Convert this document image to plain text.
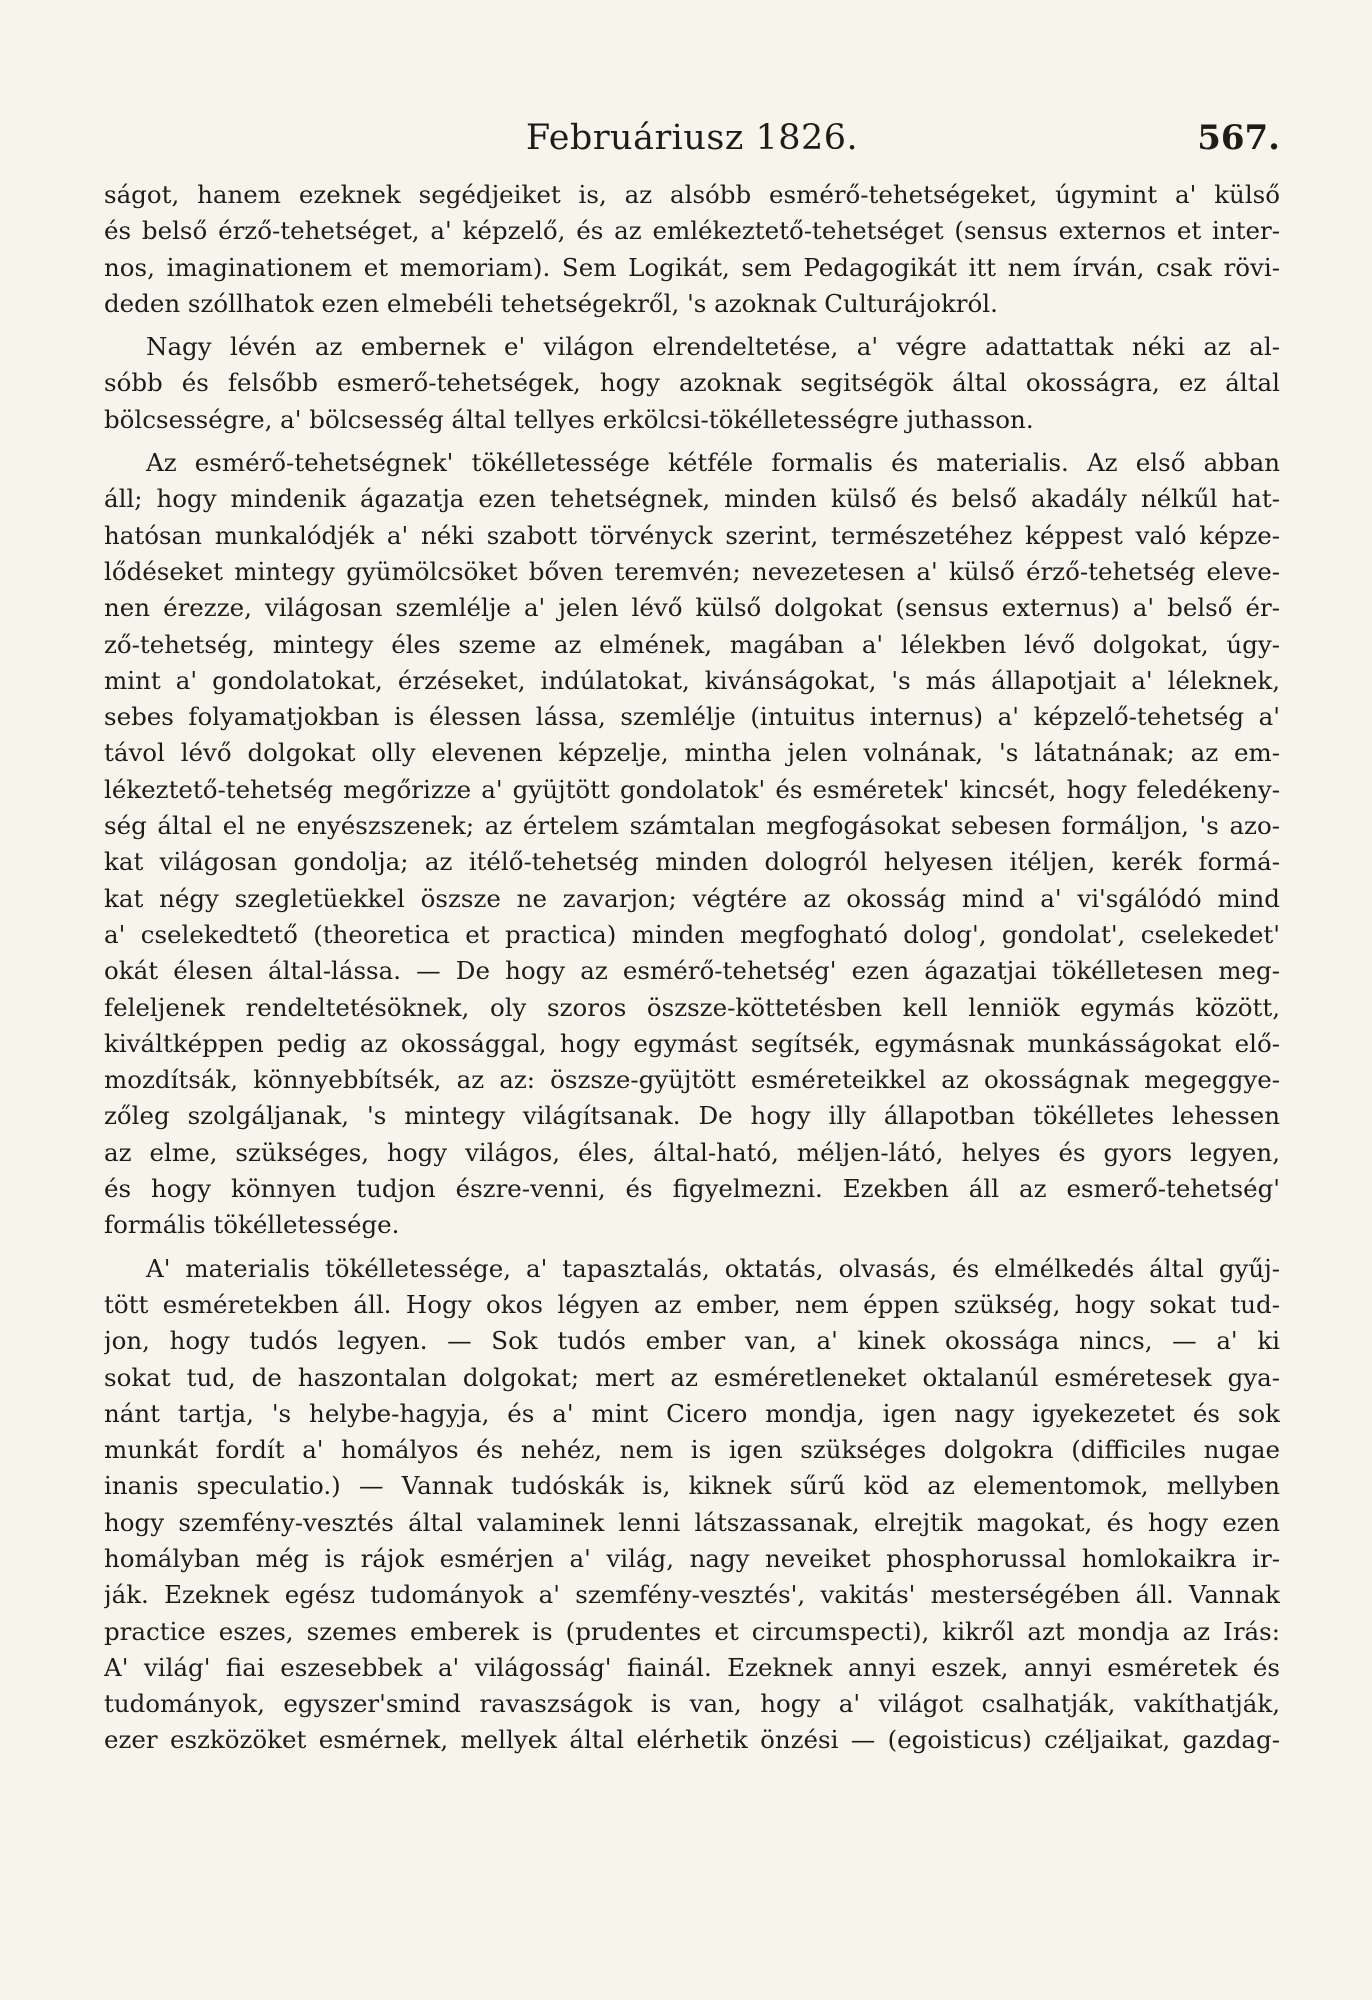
Februáriusz 1826.	567.
ságot, hanem ezeknek segédjeiket is, az alsóbb esmérő-tehetségeket, úgymint a' külső
és belső érző-tehetséget, a' képzelő, és az emlékeztető-tehetséget (sensus externos et inter-
nos, imaginationem et memoriam). Sem Logikát, sem Pedagogikát itt nem írván, csak rövi-
deden szóllhatok ezen elmebéli tehetségekről, 's azoknak Culturájokról.
Nagy lévén az embernek e' világon elrendeltetése, a' végre adattattak néki az al-
sóbb és felsőbb esmerő-tehetségek, hogy azoknak segitségök által okosságra, ez által
bölcsességre, a' bölcsesség által tellyes erkölcsi-tökélletességre juthasson.
Az esmérő-tehetségnek' tökélletessége kétféle formalis és materialis. Az első abban
áll; hogy mindenik ágazatja ezen tehetségnek, minden külső és belső akadály nélkűl hat-
hatósan munkalódjék a' néki szabott törvényck szerint, természetéhez képpest való képze-
lődéseket mintegy gyümölcsöket bőven teremvén; nevezetesen a' külső érző-tehetség eleve-
nen érezze, világosan szemlélje a' jelen lévő külső dolgokat (sensus externus) a' belső ér-
ző-tehetség, mintegy éles szeme az elmének, magában a' lélekben lévő dolgokat, úgy-
mint a' gondolatokat, érzéseket, indúlatokat, kivánságokat, 's más állapotjait a' léleknek,
sebes folyamatjokban is élessen lássa, szemlélje (intuitus internus) a' képzelő-tehetség a'
távol lévő dolgokat olly elevenen képzelje, mintha jelen volnának, 's látatnának; az em-
lékeztető-tehetség megőrizze a' gyüjtött gondolatok' és esméretek' kincsét, hogy feledékeny-
ség által el ne enyészszenek; az értelem számtalan megfogásokat sebesen formáljon, 's azo-
kat világosan gondolja; az itélő-tehetség minden dologról helyesen itéljen, kerék formá-
kat négy szegletüekkel öszsze ne zavarjon; végtére az okosság mind a' vi'sgálódó mind
a' cselekedtető (theoretica et practica) minden megfogható dolog', gondolat', cselekedet'
okát élesen által-lássa. — De hogy az esmérő-tehetség' ezen ágazatjai tökélletesen meg-
feleljenek rendeltetésöknek, oly szoros öszsze-köttetésben kell lenniök egymás között,
kiváltképpen pedig az okossággal, hogy egymást segítsék, egymásnak munkásságokat elő-
mozdítsák, könnyebbítsék, az az: öszsze-gyüjtött esméreteikkel az okosságnak megeggye-
zőleg szolgáljanak, 's mintegy világítsanak. De hogy illy állapotban tökélletes lehessen
az elme, szükséges, hogy világos, éles, által-ható, méljen-látó, helyes és gyors legyen,
és hogy könnyen tudjon észre-venni, és figyelmezni. Ezekben áll az esmerő-tehetség'
formális tökélletessége.
A' materialis tökélletessége, a' tapasztalás, oktatás, olvasás, és elmélkedés által gyűj-
tött esméretekben áll. Hogy okos légyen az ember, nem éppen szükség, hogy sokat tud-
jon, hogy tudós legyen. — Sok tudós ember van, a' kinek okossága nincs, — a' ki
sokat tud, de haszontalan dolgokat; mert az esméretleneket oktalanúl esméretesek gya-
nánt tartja, 's helybe-hagyja, és a' mint Cicero mondja, igen nagy igyekezetet és sok
munkát fordít a' homályos és nehéz, nem is igen szükséges dolgokra (difficiles nugae
inanis speculatio.) — Vannak tudóskák is, kiknek sűrű köd az elementomok, mellyben
hogy szemfény-vesztés által valaminek lenni látszassanak, elrejtik magokat, és hogy ezen
homályban még is rájok esmérjen a' világ, nagy neveiket phosphorussal homlokaikra ir-
ják. Ezeknek egész tudományok a' szemfény-vesztés', vakitás' mesterségében áll. Vannak
practice eszes, szemes emberek is (prudentes et circumspecti), kikről azt mondja az Irás:
A' világ' fiai eszesebbek a' világosság' fiainál. Ezeknek annyi eszek, annyi esméretek és
tudományok, egyszer'smind ravaszságok is van, hogy a' világot csalhatják, vakíthatják,
ezer eszközöket esmérnek, mellyek által elérhetik önzési — (egoisticus) czéljaikat, gazdag-
